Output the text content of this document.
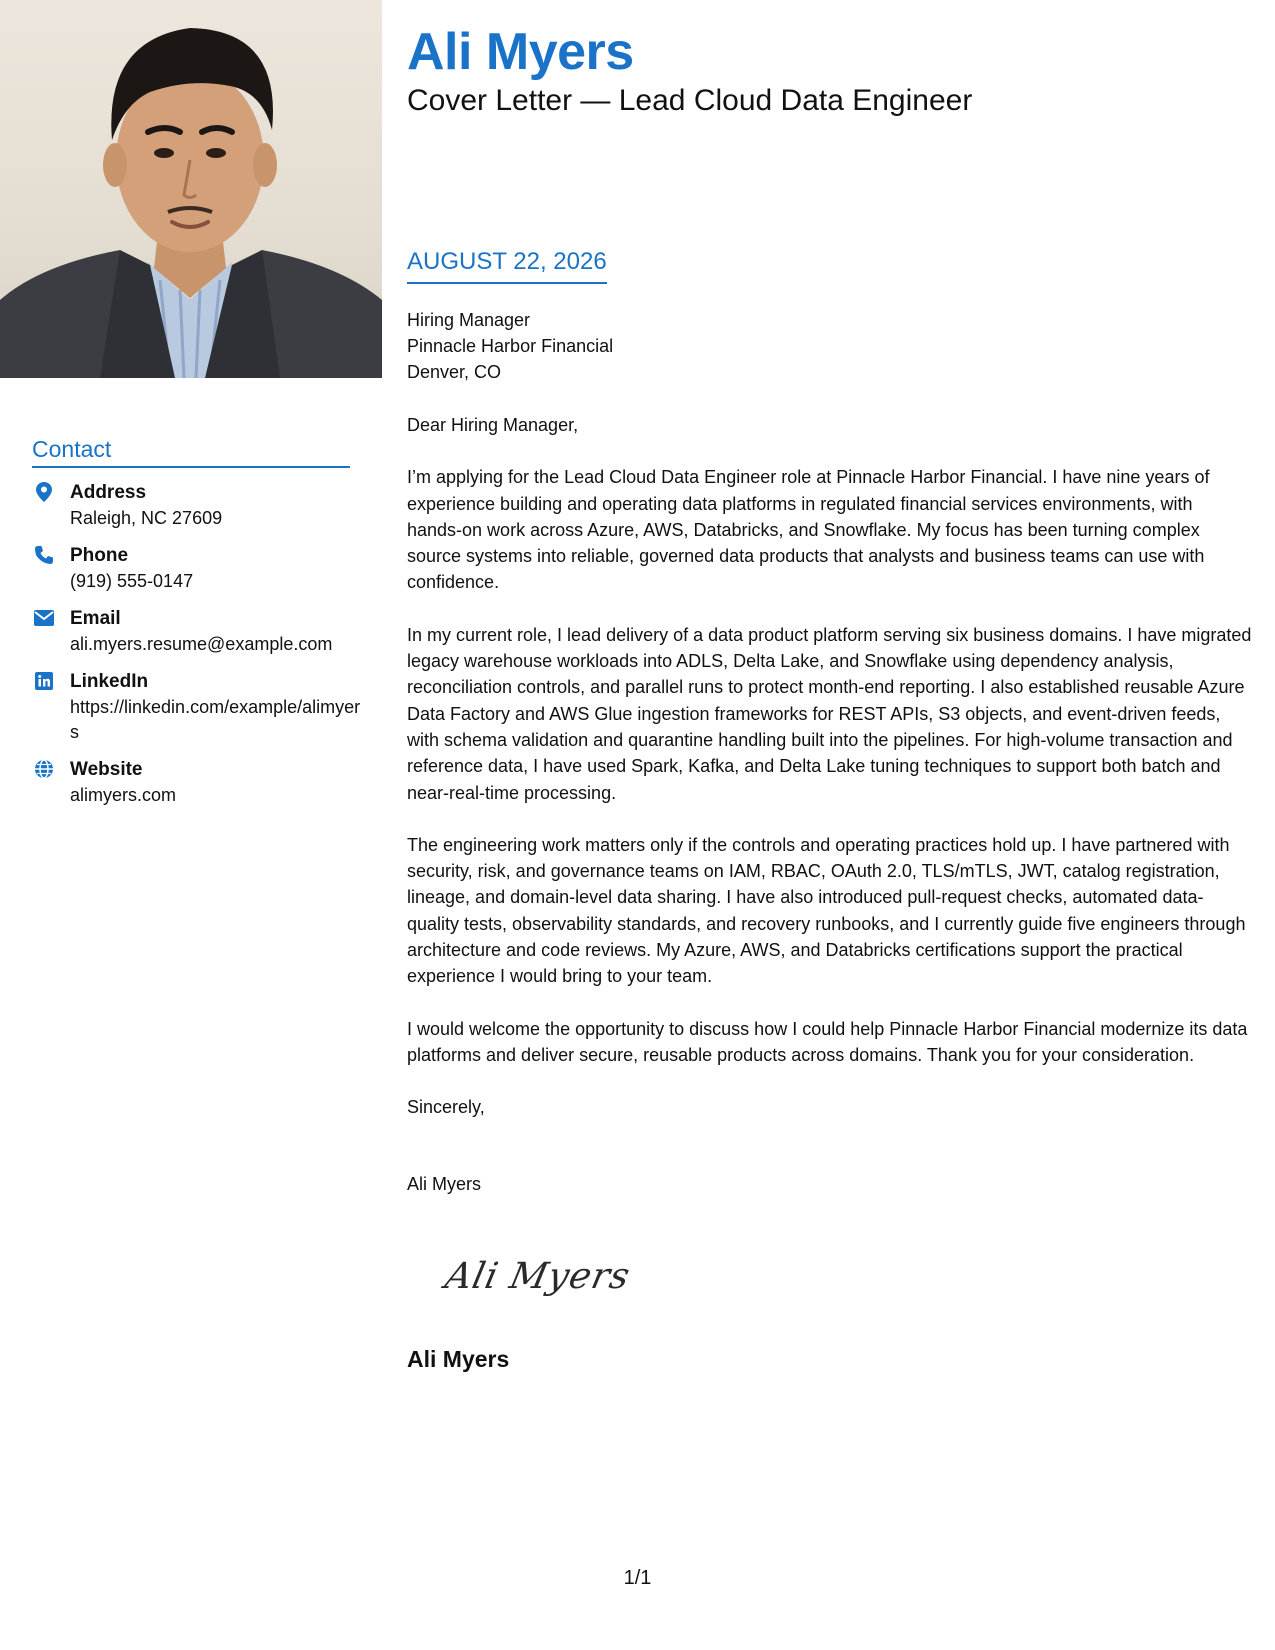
Ali Myers
Cover Letter — Lead Cloud Data Engineer
AUGUST 22, 2026
Hiring Manager
Pinnacle Harbor Financial
Denver, CO

Dear Hiring Manager,

I’m applying for the Lead Cloud Data Engineer role at Pinnacle Harbor Financial. I have nine years of experience building and operating data platforms in regulated financial services environments, with hands-on work across Azure, AWS, Databricks, and Snowflake. My focus has been turning complex source systems into reliable, governed data products that analysts and business teams can use with confidence.

In my current role, I lead delivery of a data product platform serving six business domains. I have migrated legacy warehouse workloads into ADLS, Delta Lake, and Snowflake using dependency analysis, reconciliation controls, and parallel runs to protect month-end reporting. I also established reusable Azure Data Factory and AWS Glue ingestion frameworks for REST APIs, S3 objects, and event-driven feeds, with schema validation and quarantine handling built into the pipelines. For high-volume transaction and reference data, I have used Spark, Kafka, and Delta Lake tuning techniques to support both batch and near-real-time processing.

The engineering work matters only if the controls and operating practices hold up. I have partnered with security, risk, and governance teams on IAM, RBAC, OAuth 2.0, TLS/mTLS, JWT, catalog registration, lineage, and domain-level data sharing. I have also introduced pull-request checks, automated data-quality tests, observability standards, and recovery runbooks, and I currently guide five engineers through architecture and code reviews. My Azure, AWS, and Databricks certifications support the practical experience I would bring to your team.

I would welcome the opportunity to discuss how I could help Pinnacle Harbor Financial modernize its data platforms and deliver secure, reusable products across domains. Thank you for your consideration.

Sincerely,

Ali Myers
Ali Myers
Ali Myers
Contact
Address
Raleigh, NC 27609
Phone
(919) 555-0147
Email
ali.myers.resume@example.com
LinkedIn
https://linkedin.com/example/alimyers
Website
alimyers.com
1/1
